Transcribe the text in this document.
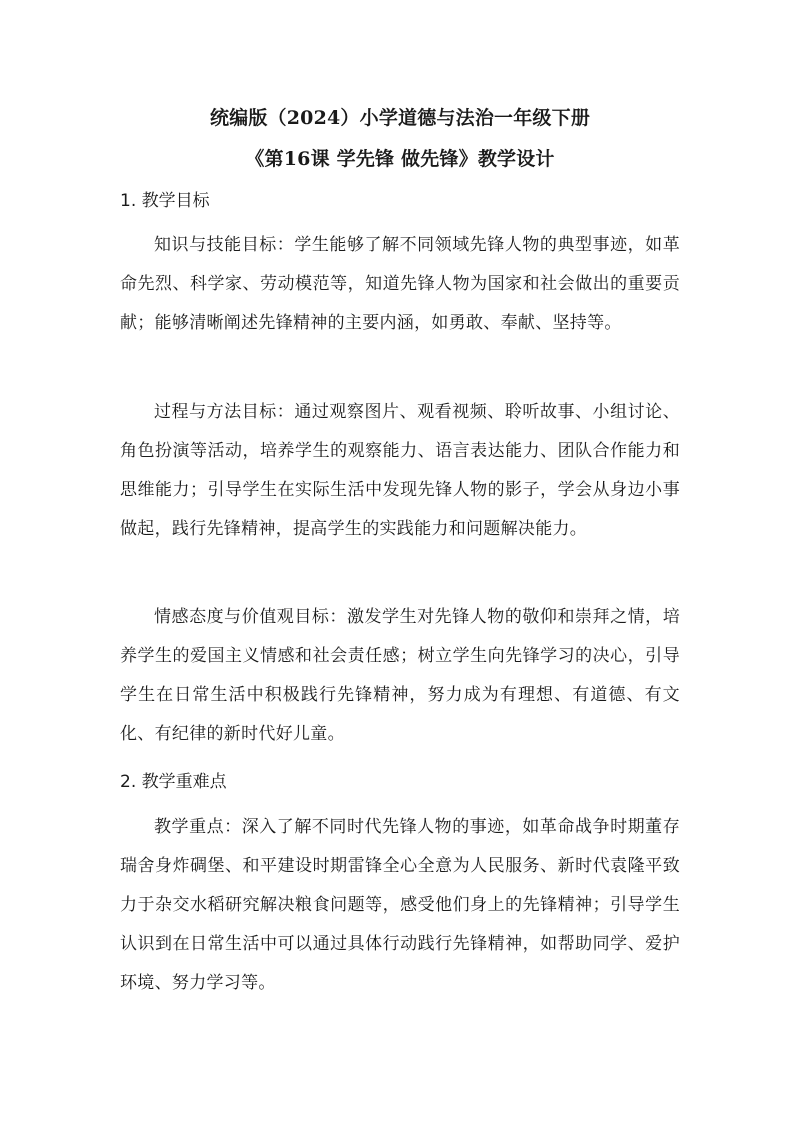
统编版（2024）小学道德与法治一年级下册
《第16课 学先锋 做先锋》教学设计
1. 教学目标

知识与技能目标：学生能够了解不同领域先锋人物的典型事迹，如革命先烈、科学家、劳动模范等，知道先锋人物为国家和社会做出的重要贡献；能够清晰阐述先锋精神的主要内涵，如勇敢、奉献、坚持等。

过程与方法目标：通过观察图片、观看视频、聆听故事、小组讨论、角色扮演等活动，培养学生的观察能力、语言表达能力、团队合作能力和思维能力；引导学生在实际生活中发现先锋人物的影子，学会从身边小事做起，践行先锋精神，提高学生的实践能力和问题解决能力。

情感态度与价值观目标：激发学生对先锋人物的敬仰和崇拜之情，培养学生的爱国主义情感和社会责任感；树立学生向先锋学习的决心，引导学生在日常生活中积极践行先锋精神，努力成为有理想、有道德、有文化、有纪律的新时代好儿童。

2. 教学重难点

教学重点：深入了解不同时代先锋人物的事迹，如革命战争时期董存瑞舍身炸碉堡、和平建设时期雷锋全心全意为人民服务、新时代袁隆平致力于杂交水稻研究解决粮食问题等，感受他们身上的先锋精神；引导学生认识到在日常生活中可以通过具体行动践行先锋精神，如帮助同学、爱护环境、努力学习等。
